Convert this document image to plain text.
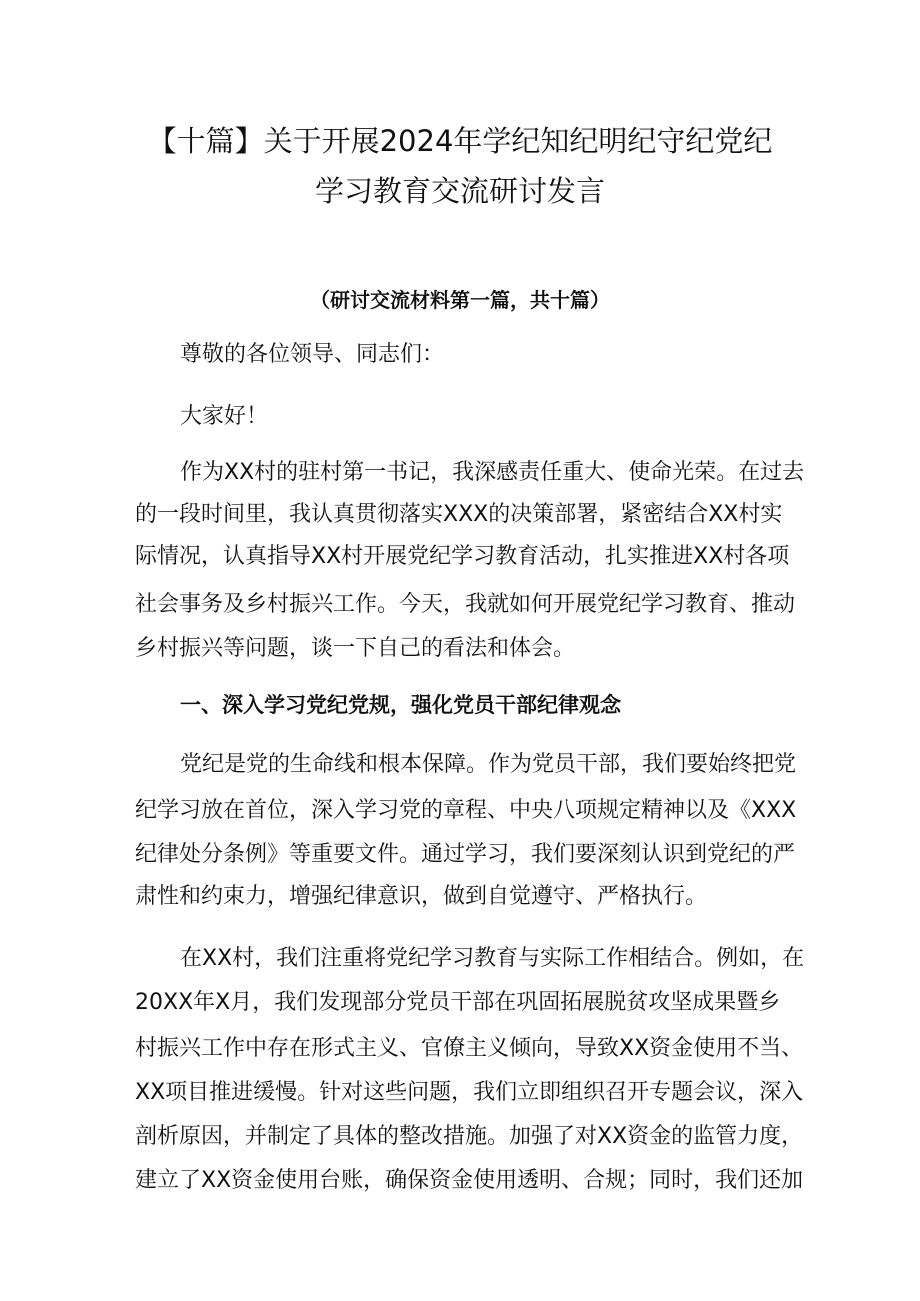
【十篇】关于开展2024年学纪知纪明纪守纪党纪
学习教育交流研讨发言
（研讨交流材料第一篇，共十篇）
尊敬的各位领导、同志们：
大家好！
作为XX村的驻村第一书记，我深感责任重大、使命光荣。在过去
的一段时间里，我认真贯彻落实XXX的决策部署，紧密结合XX村实
际情况，认真指导XX村开展党纪学习教育活动，扎实推进XX村各项
社会事务及乡村振兴工作。今天，我就如何开展党纪学习教育、推动
乡村振兴等问题，谈一下自己的看法和体会。
一、深入学习党纪党规，强化党员干部纪律观念
党纪是党的生命线和根本保障。作为党员干部，我们要始终把党
纪学习放在首位，深入学习党的章程、中央八项规定精神以及《XXX
纪律处分条例》等重要文件。通过学习，我们要深刻认识到党纪的严
肃性和约束力，增强纪律意识，做到自觉遵守、严格执行。
在XX村，我们注重将党纪学习教育与实际工作相结合。例如，在
20XX年X月，我们发现部分党员干部在巩固拓展脱贫攻坚成果暨乡
村振兴工作中存在形式主义、官僚主义倾向，导致XX资金使用不当、
XX项目推进缓慢。针对这些问题，我们立即组织召开专题会议，深入
剖析原因，并制定了具体的整改措施。加强了对XX资金的监管力度，
建立了XX资金使用台账，确保资金使用透明、合规；同时，我们还加
